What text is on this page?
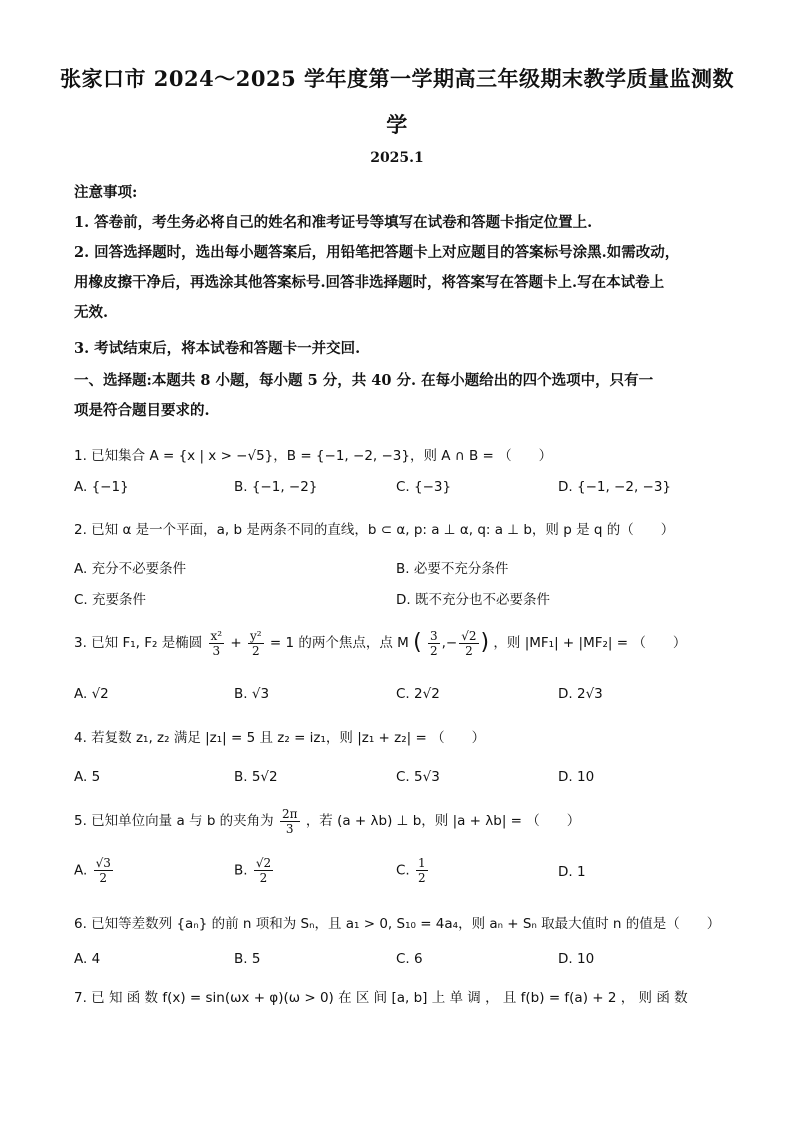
张家口市 2024～2025 学年度第一学期高三年级期末教学质量监测数
学
2025.1
注意事项:
1. 答卷前，考生务必将自己的姓名和准考证号等填写在试卷和答题卡指定位置上.
2. 回答选择题时，选出每小题答案后，用铅笔把答题卡上对应题目的答案标号涂黑.如需改动，
用橡皮擦干净后，再选涂其他答案标号.回答非选择题时，将答案写在答题卡上.写在本试卷上
无效.
3. 考试结束后，将本试卷和答题卡一并交回.
一、选择题:本题共 8 小题，每小题 5 分，共 40 分. 在每小题给出的四个选项中，只有一
项是符合题目要求的.
1. 已知集合 A = {x | x > −√5}，B = {−1, −2, −3}，则 A ∩ B = （　　）
A. {−1}	B. {−1, −2}	C. {−3}	D. {−1, −2, −3}
2. 已知 α 是一个平面，a, b 是两条不同的直线，b ⊂ α, p: a ⊥ α, q: a ⊥ b，则 p 是 q 的（　　）
A. 充分不必要条件	B. 必要不充分条件
C. 充要条件	D. 既不充分也不必要条件
3. 已知 F₁, F₂ 是椭圆 $\frac{\text{x²}}{3} + \frac{\text{y²}}{2} = 1$ 的两个焦点，点 M ( $\frac{3}{2}$ ,− $\frac{√2}{2}$ ) ，则 |MF₁| + |MF₂| = （　　）
A. √2	B. √3	C. 2√2	D. 2√3
4. 若复数 z₁, z₂ 满足 |z₁| = 5 且 z₂ = iz₁，则 |z₁ + z₂| = （　　）
A. 5	B. 5√2	C. 5√3	D. 10
5. 已知单位向量 a 与 b 的夹角为 $\frac{2\pi}{3}$ ，若 (a + λb) ⊥ b，则 |a + λb| = （　　）
A. $\frac{√3}{2}$	B. $\frac{√2}{2}$	C. $\frac{1}{2}$	D. 1
6. 已知等差数列 {aₙ} 的前 n 项和为 Sₙ，且 a₁ > 0, S₁₀ = 4a₄，则 aₙ + Sₙ 取最大值时 n 的值是（　　）
A. 4	B. 5	C. 6	D. 10
7. 已 知 函 数 f(x) = sin(ωx + φ)(ω > 0) 在 区 间 [a, b] 上 单 调 ， 且 f(b) = f(a) + 2 ， 则 函 数
